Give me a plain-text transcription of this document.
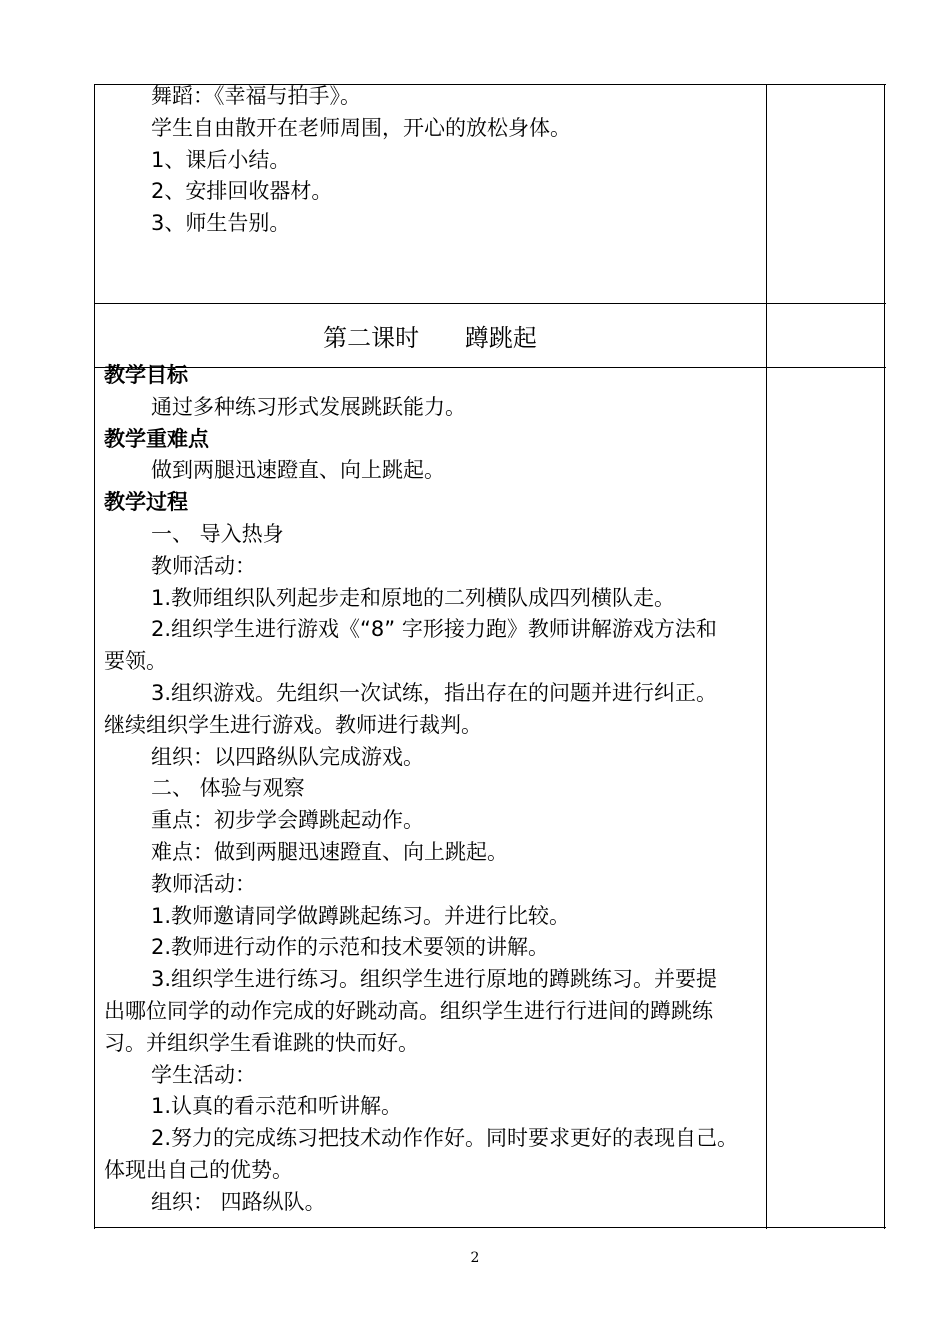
舞蹈：《幸福与拍手》。

学生自由散开在老师周围，开心的放松身体。

1、课后小结。

2、安排回收器材。

3、师生告别。

第二课时      蹲跳起

教学目标

通过多种练习形式发展跳跃能力。

教学重难点

做到两腿迅速蹬直、向上跳起。

教学过程

一、 导入热身

教师活动：

1.教师组织队列起步走和原地的二列横队成四列横队走。

2.组织学生进行游戏《“8” 字形接力跑》教师讲解游戏方法和

要领。

3.组织游戏。先组织一次试练，指出存在的问题并进行纠正。

继续组织学生进行游戏。教师进行裁判。

组织：以四路纵队完成游戏。

二、 体验与观察

重点：初步学会蹲跳起动作。

难点：做到两腿迅速蹬直、向上跳起。

教师活动：

1.教师邀请同学做蹲跳起练习。并进行比较。

2.教师进行动作的示范和技术要领的讲解。

3.组织学生进行练习。组织学生进行原地的蹲跳练习。并要提

出哪位同学的动作完成的好跳动高。组织学生进行行进间的蹲跳练

习。并组织学生看谁跳的快而好。

学生活动：

1.认真的看示范和听讲解。

2.努力的完成练习把技术动作作好。同时要求更好的表现自己。

体现出自己的优势。

组织： 四路纵队。

2
